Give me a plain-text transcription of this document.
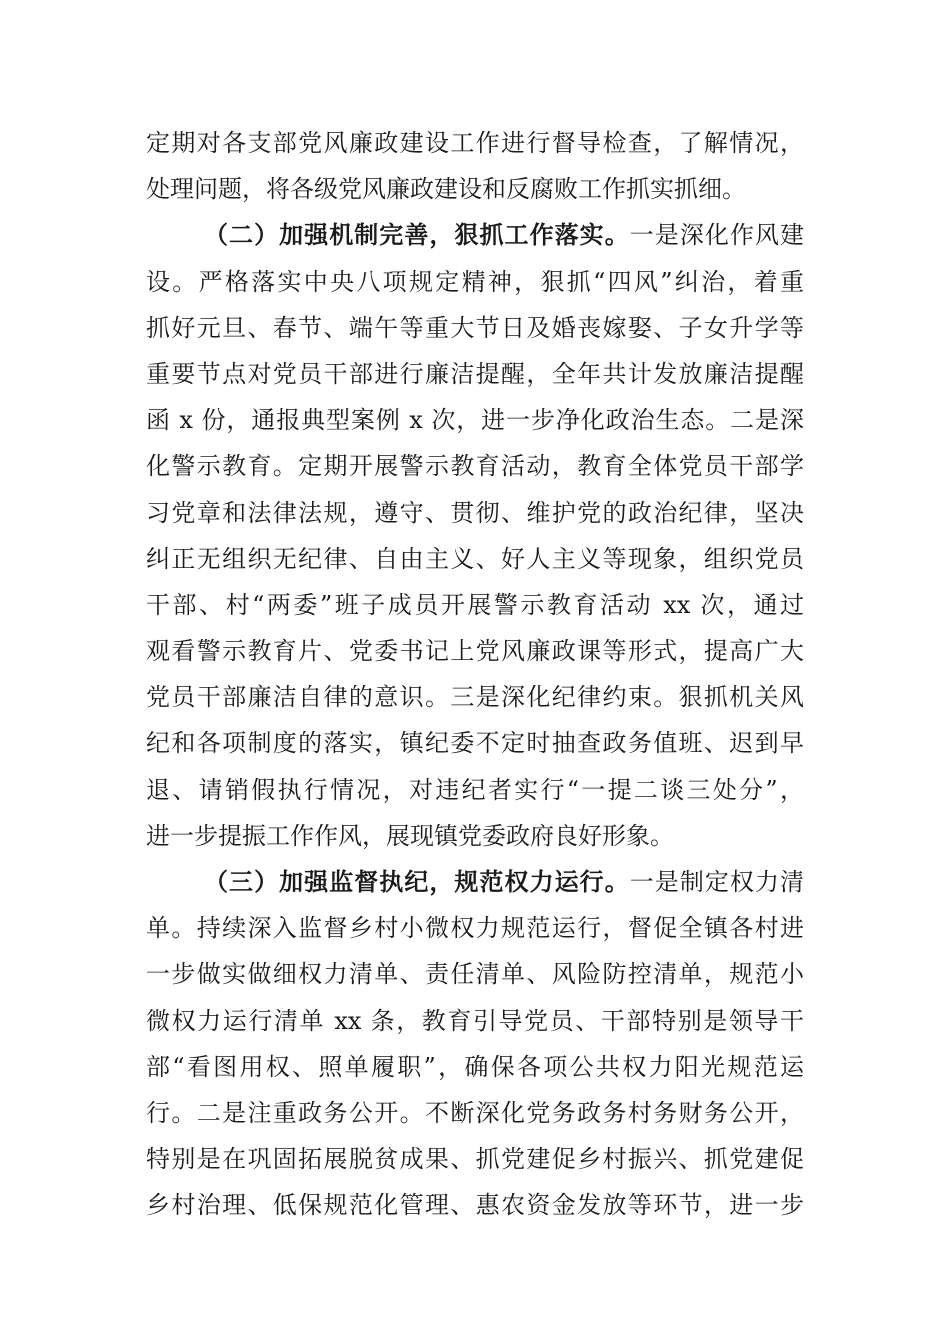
定期对各支部党风廉政建设工作进行督导检查，了解情况，
处理问题，将各级党风廉政建设和反腐败工作抓实抓细。
（二）加强机制完善，狠抓工作落实。一是深化作风建
设。严格落实中央八项规定精神，狠抓“四风”纠治，着重
抓好元旦、春节、端午等重大节日及婚丧嫁娶、子女升学等
重要节点对党员干部进行廉洁提醒，全年共计发放廉洁提醒
函 x 份，通报典型案例 x 次，进一步净化政治生态。二是深
化警示教育。定期开展警示教育活动，教育全体党员干部学
习党章和法律法规，遵守、贯彻、维护党的政治纪律，坚决
纠正无组织无纪律、自由主义、好人主义等现象，组织党员
干部、村“两委”班子成员开展警示教育活动 xx 次，通过
观看警示教育片、党委书记上党风廉政课等形式，提高广大
党员干部廉洁自律的意识。三是深化纪律约束。狠抓机关风
纪和各项制度的落实，镇纪委不定时抽查政务值班、迟到早
退、请销假执行情况，对违纪者实行“一提二谈三处分”，
进一步提振工作作风，展现镇党委政府良好形象。
（三）加强监督执纪，规范权力运行。一是制定权力清
单。持续深入监督乡村小微权力规范运行，督促全镇各村进
一步做实做细权力清单、责任清单、风险防控清单，规范小
微权力运行清单 xx 条，教育引导党员、干部特别是领导干
部“看图用权、照单履职”，确保各项公共权力阳光规范运
行。二是注重政务公开。不断深化党务政务村务财务公开，
特别是在巩固拓展脱贫成果、抓党建促乡村振兴、抓党建促
乡村治理、低保规范化管理、惠农资金发放等环节，进一步
